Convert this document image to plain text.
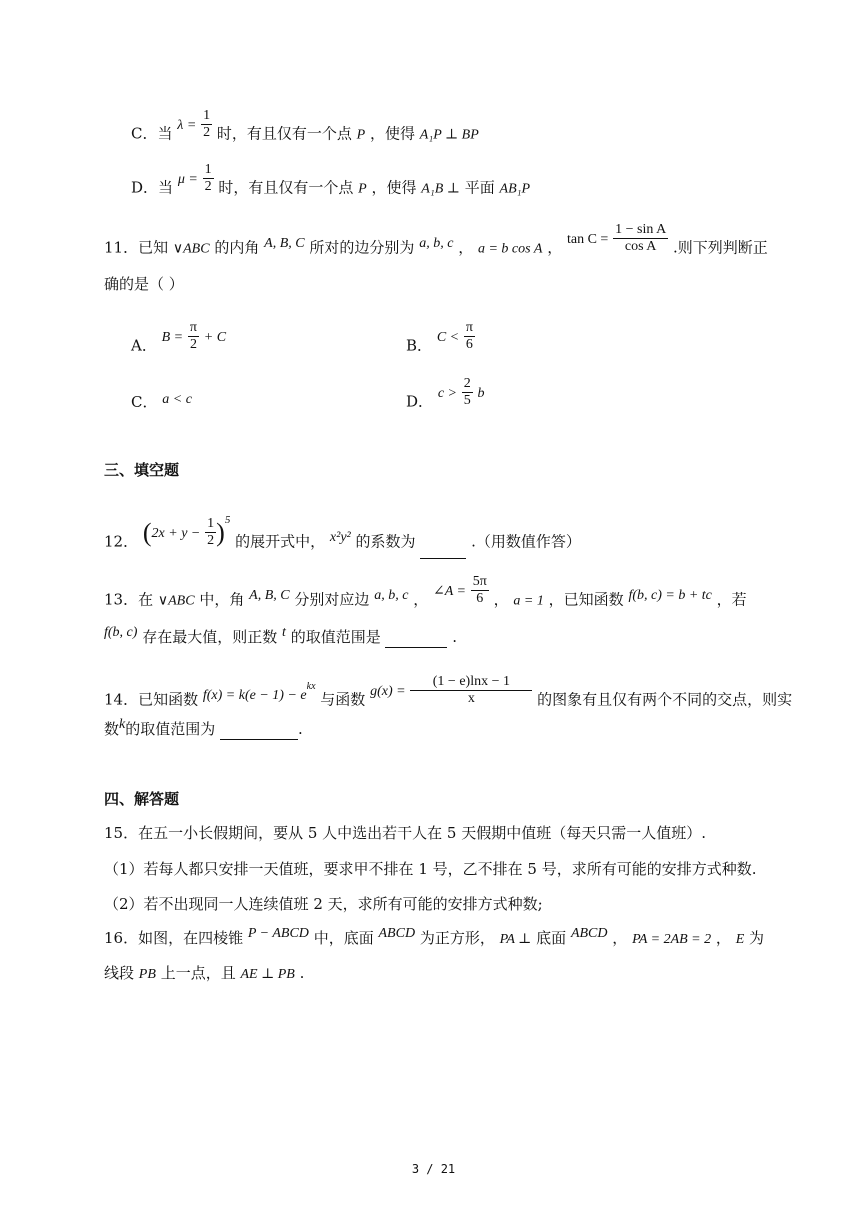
C．当 $\lambda = \frac{1}{2}$ 时，有且仅有一个点 P ，使得 A₁P ⊥ BP
D．当 $\mu = \frac{1}{2}$ 时，有且仅有一个点 P ，使得 A₁B ⊥ 平面 AB₁P
11．已知 ∨ABC 的内角 A, B, C 所对的边分别为 a, b, c ， a = b cos A ， $\tan C = \frac{\text{1 − sin A}}{\text{cos A}}$ .则下列判断正
确的是（ ）
A． $B = \frac{\pi}{2} + C$	B． $C < \frac{\pi}{6}$
C． a < c	D． $c > \frac{2}{5}$ b
三、填空题
12． $(2x + y - \frac{1}{2} )^5$ 的展开式中， x²y² 的系数为	.（用数值作答）
13．在 ∨ABC 中，角 A, B, C 分别对应边 a, b, c ， ∠A = $\frac{5\pi}{6}$ ， a = 1 ，已知函数 f(b, c) = b + tc ，若
f(b, c) 存在最大值，则正数 t 的取值范围是	.
14．已知函数 $f(x) = k(e - 1) - e^{kx}$ 与函数 $g(x) = \frac{(1 - e)\ln x - 1}{x}$ 的图象有且仅有两个不同的交点，则实
数k的取值范围为	.
四、解答题
15．在五一小长假期间，要从 5 人中选出若干人在 5 天假期中值班（每天只需一人值班）.
（1）若每人都只安排一天值班，要求甲不排在 1 号，乙不排在 5 号，求所有可能的安排方式种数.
（2）若不出现同一人连续值班 2 天，求所有可能的安排方式种数;
16．如图，在四棱锥 P − ABCD 中，底面 ABCD 为正方形， PA ⊥ 底面 ABCD ， PA = 2AB = 2 ， E 为
线段 PB 上一点，且 AE ⊥ PB .
3 / 21
